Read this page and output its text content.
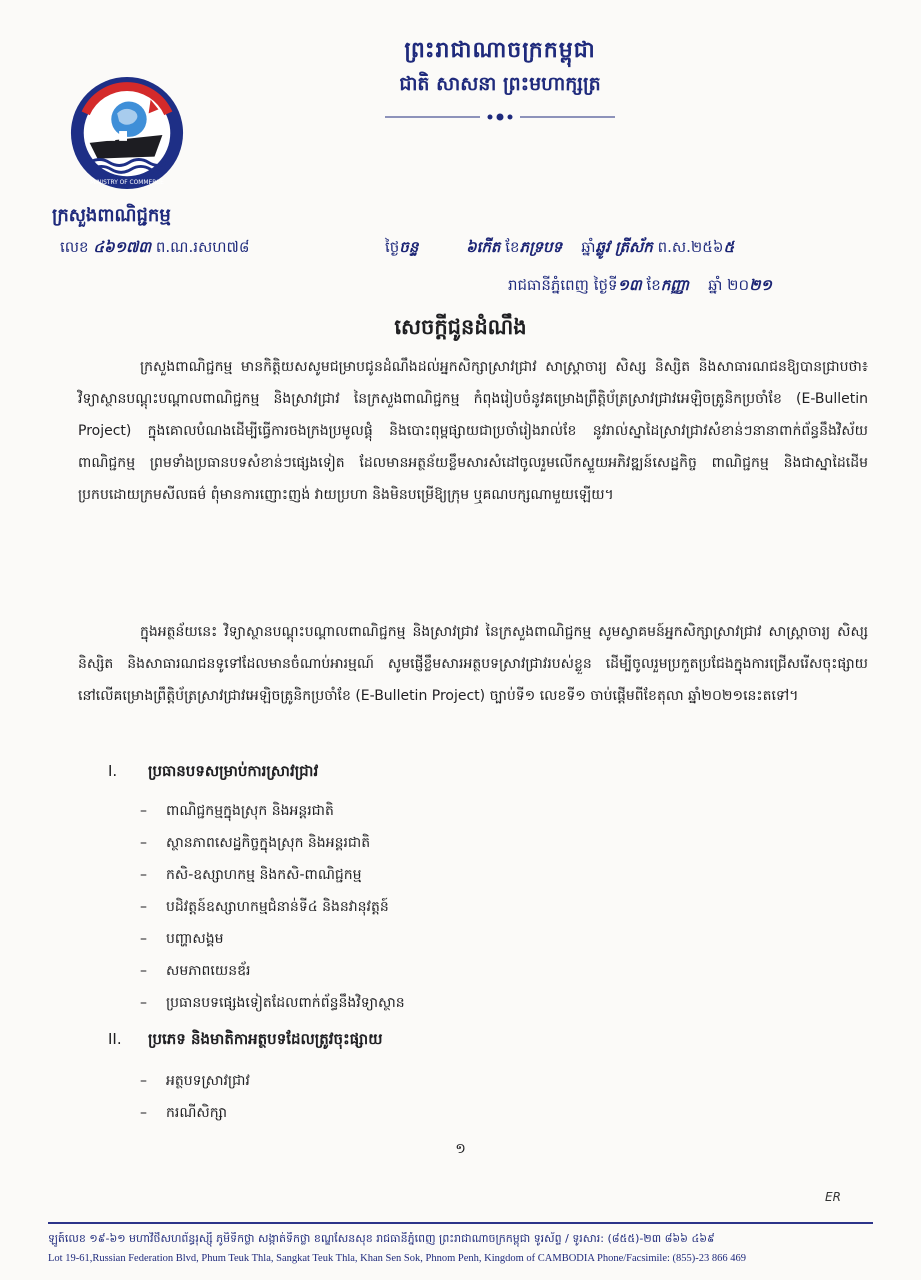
MINISTRY OF COMMERCE
ព្រះរាជាណាចក្រកម្ពុជា
ជាតិ សាសនា ព្រះមហាក្សត្រ
ក្រសួងពាណិជ្ជកម្ម
លេខ ៤៦១៧៣ ព.ណ.រសហ៧៨	ថ្ងៃចន្ទ	៦កើត ខែភទ្របទ ឆ្នាំឆ្លូវ ត្រីស័ក ព.ស.២៥៦៥
រាជធានីភ្នំពេញ ថ្ងៃទី១៣ ខែកញ្ញា ឆ្នាំ ២០២១
សេចក្តីជូនដំណឹង
ក្រសួងពាណិជ្ជកម្ម មានកិត្តិយសសូមជម្រាបជូនដំណឹងដល់អ្នកសិក្សាស្រាវជ្រាវ សាស្ត្រាចារ្យ សិស្ស និស្សិត និងសាធារណជនឱ្យបានជ្រាបថា៖ វិទ្យាស្ថានបណ្តុះបណ្តាលពាណិជ្ជកម្ម និងស្រាវជ្រាវ នៃក្រសួងពាណិជ្ជកម្ម កំពុងរៀបចំនូវគម្រោងព្រឹត្តិប័ត្រស្រាវជ្រាវអេឡិចត្រូនិកប្រចាំខែ (E-Bulletin Project) ក្នុងគោលបំណងដើម្បីធ្វើការចងក្រងប្រមូលផ្តុំ និងបោះពុម្ពផ្សាយជាប្រចាំរៀងរាល់ខែ នូវរាល់ស្នាដៃស្រាវជ្រាវសំខាន់ៗនានាពាក់ព័ន្ធនឹងវិស័យពាណិជ្ជកម្ម ព្រមទាំងប្រធានបទសំខាន់ៗផ្សេងទៀត ដែលមានអត្ថន័យខ្លឹមសារសំដៅចូលរួមលើកស្ទួយអភិវឌ្ឍន៍សេដ្ឋកិច្ច ពាណិជ្ជកម្ម និងជាស្នាដៃដើមប្រកបដោយក្រមសីលធម៌ ពុំមានការញោះញង់ វាយប្រហា និងមិនបម្រើឱ្យក្រុម ឬគណបក្សណាមួយឡើយ។
ក្នុងអត្ថន័យនេះ វិទ្យាស្ថានបណ្តុះបណ្តាលពាណិជ្ជកម្ម និងស្រាវជ្រាវ នៃក្រសួងពាណិជ្ជកម្ម សូមស្វាគមន៍អ្នកសិក្សាស្រាវជ្រាវ សាស្ត្រាចារ្យ សិស្ស និស្សិត និងសាធារណជនទូទៅដែលមានចំណាប់អារម្មណ៍ សូមផ្ញើខ្លឹមសារអត្ថបទស្រាវជ្រាវរបស់ខ្លួន ដើម្បីចូលរួមប្រកួតប្រជែងក្នុងការជ្រើសរើសចុះផ្សាយនៅលើគម្រោងព្រឹត្តិប័ត្រស្រាវជ្រាវអេឡិចត្រូនិកប្រចាំខែ (E-Bulletin Project) ច្បាប់ទី១ លេខទី១ ចាប់ផ្តើមពីខែតុលា ឆ្នាំ២០២១នេះតទៅ។
I. ប្រធានបទសម្រាប់ការស្រាវជ្រាវ
– ពាណិជ្ជកម្មក្នុងស្រុក និងអន្តរជាតិ
– ស្ថានភាពសេដ្ឋកិច្ចក្នុងស្រុក និងអន្តរជាតិ
– កសិ-ឧស្សាហកម្ម និងកសិ-ពាណិជ្ជកម្ម
– បដិវត្តន៍ឧស្សាហកម្មជំនាន់ទី៤ និងនវានុវត្តន៍
– បញ្ហាសង្គម
– សមភាពយេនឌ័រ
– ប្រធានបទផ្សេងទៀតដែលពាក់ព័ន្ធនឹងវិទ្យាស្ថាន
II. ប្រភេទ និងមាតិកាអត្ថបទដែលត្រូវចុះផ្សាយ
– អត្ថបទស្រាវជ្រាវ
– ករណីសិក្សា
១
ER
ឡូត៍លេខ ១៩-៦១ មហាវិថីសហព័ន្ធរុស្ស៊ី ភូមិទឹកថ្លា សង្កាត់ទឹកថ្លា ខណ្ឌសែនសុខ រាជធានីភ្នំពេញ ព្រះរាជាណាចក្រកម្ពុជា ទូរស័ព្ទ / ទូរសារ: (៨៥៥)-២៣ ៨៦៦ ៤៦៩
Lot 19-61,Russian Federation Blvd, Phum Teuk Thla, Sangkat Teuk Thla, Khan Sen Sok, Phnom Penh, Kingdom of CAMBODIA Phone/Facsimile: (855)-23 866 469
